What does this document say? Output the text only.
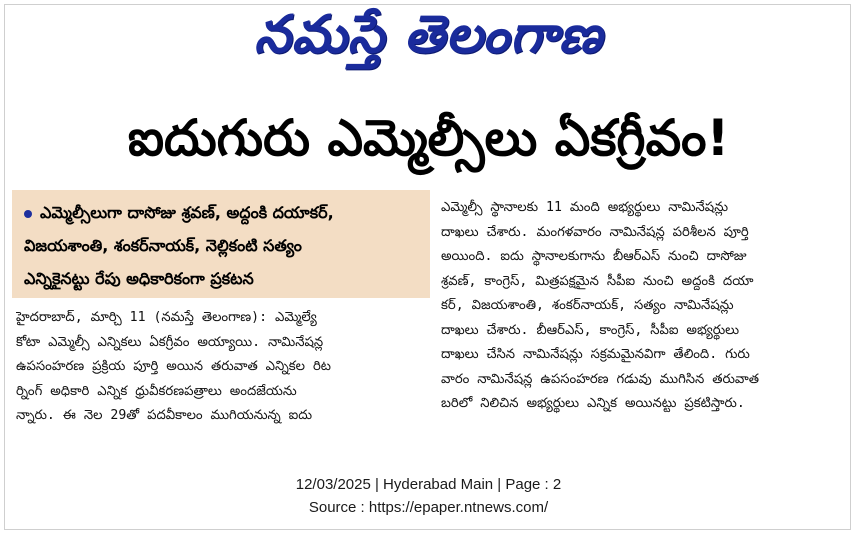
నమస్తే తెలంగాణ
ఐదుగురు ఎమ్మెల్సీలు ఏకగ్రీవం!
ఎమ్మెల్సీలుగా దాసోజు శ్రవణ్, అద్దంకి దయాకర్,
విజయశాంతి, శంకర్‌నాయక్, నెల్లికంటి సత్యం
ఎన్నికైనట్టు రేపు అధికారికంగా ప్రకటన
హైదరాబాద్, మార్చి 11 (నమస్తే తెలంగాణ): ఎమ్మెల్యే
కోటా ఎమ్మెల్సీ ఎన్నికలు ఏకగ్రీవం అయ్యాయి. నామినేషన్ల
ఉపసంహరణ ప్రక్రియ పూర్తి అయిన తరువాత ఎన్నికల రిట
ర్నింగ్ అధికారి ఎన్నిక ధ్రువీకరణపత్రాలు అందజేయను
న్నారు. ఈ నెల 29తో పదవీకాలం ముగియనున్న ఐదు
ఎమ్మెల్సీ స్థానాలకు 11 మంది అభ్యర్థులు నామినేషన్లు
దాఖలు చేశారు. మంగళవారం నామినేషన్ల పరిశీలన పూర్తి
అయింది. ఐదు స్థానాలకుగాను బీఆర్‌ఎస్ నుంచి దాసోజు
శ్రవణ్, కాంగ్రెస్, మిత్రపక్షమైన సీపీఐ నుంచి అద్దంకి దయా
కర్, విజయశాంతి, శంకర్‌నాయక్, సత్యం నామినేషన్లు
దాఖలు చేశారు. బీఆర్‌ఎస్, కాంగ్రెస్, సీపీఐ అభ్యర్థులు
దాఖలు చేసిన నామినేషన్లు సక్రమమైనవిగా తేలింది. గురు
వారం నామినేషన్ల ఉపసంహరణ గడువు ముగిసిన తరువాత
బరిలో నిలిచిన అభ్యర్థులు ఎన్నిక అయినట్టు ప్రకటిస్తారు.
12/03/2025 | Hyderabad Main | Page : 2
Source : https://epaper.ntnews.com/
